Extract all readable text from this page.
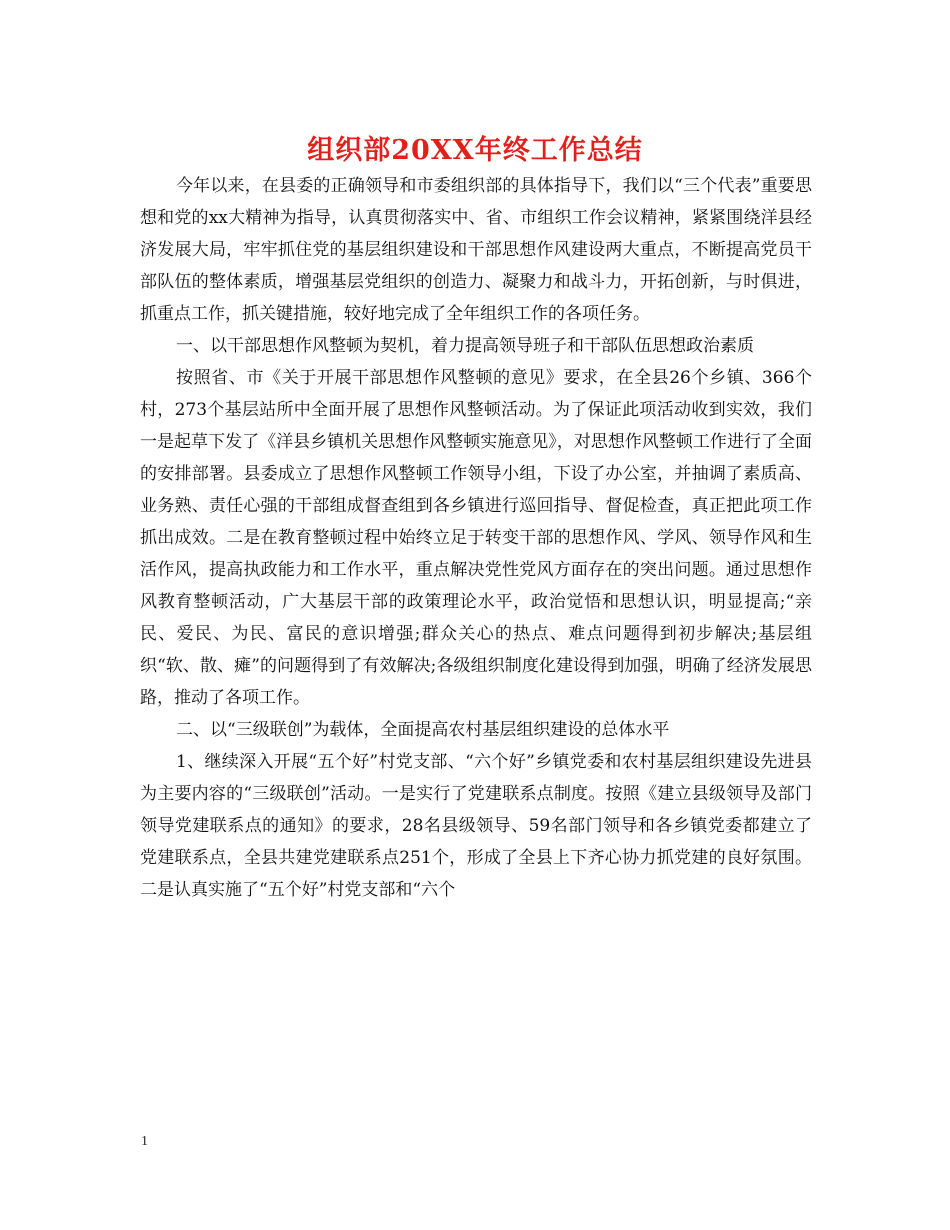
组织部20XX年终工作总结

今年以来，在县委的正确领导和市委组织部的具体指导下，我们以“三个代表”重要思想和党的xx大精神为指导，认真贯彻落实中、省、市组织工作会议精神，紧紧围绕洋县经济发展大局，牢牢抓住党的基层组织建设和干部思想作风建设两大重点，不断提高党员干部队伍的整体素质，增强基层党组织的创造力、凝聚力和战斗力，开拓创新，与时俱进，抓重点工作，抓关键措施，较好地完成了全年组织工作的各项任务。

一、以干部思想作风整顿为契机，着力提高领导班子和干部队伍思想政治素质

按照省、市《关于开展干部思想作风整顿的意见》要求，在全县26个乡镇、366个村，273个基层站所中全面开展了思想作风整顿活动。为了保证此项活动收到实效，我们一是起草下发了《洋县乡镇机关思想作风整顿实施意见》，对思想作风整顿工作进行了全面的安排部署。县委成立了思想作风整顿工作领导小组，下设了办公室，并抽调了素质高、业务熟、责任心强的干部组成督查组到各乡镇进行巡回指导、督促检查，真正把此项工作抓出成效。二是在教育整顿过程中始终立足于转变干部的思想作风、学风、领导作风和生活作风，提高执政能力和工作水平，重点解决党性党风方面存在的突出问题。通过思想作风教育整顿活动，广大基层干部的政策理论水平，政治觉悟和思想认识，明显提高;“亲民、爱民、为民、富民的意识增强;群众关心的热点、难点问题得到初步解决;基层组织“软、散、瘫”的问题得到了有效解决;各级组织制度化建设得到加强，明确了经济发展思路，推动了各项工作。

二、以“三级联创”为载体，全面提高农村基层组织建设的总体水平

1、继续深入开展“五个好”村党支部、“六个好”乡镇党委和农村基层组织建设先进县为主要内容的“三级联创”活动。一是实行了党建联系点制度。按照《建立县级领导及部门领导党建联系点的通知》的要求，28名县级领导、59名部门领导和各乡镇党委都建立了党建联系点，全县共建党建联系点251个，形成了全县上下齐心协力抓党建的良好氛围。二是认真实施了“五个好”村党支部和“六个

1
